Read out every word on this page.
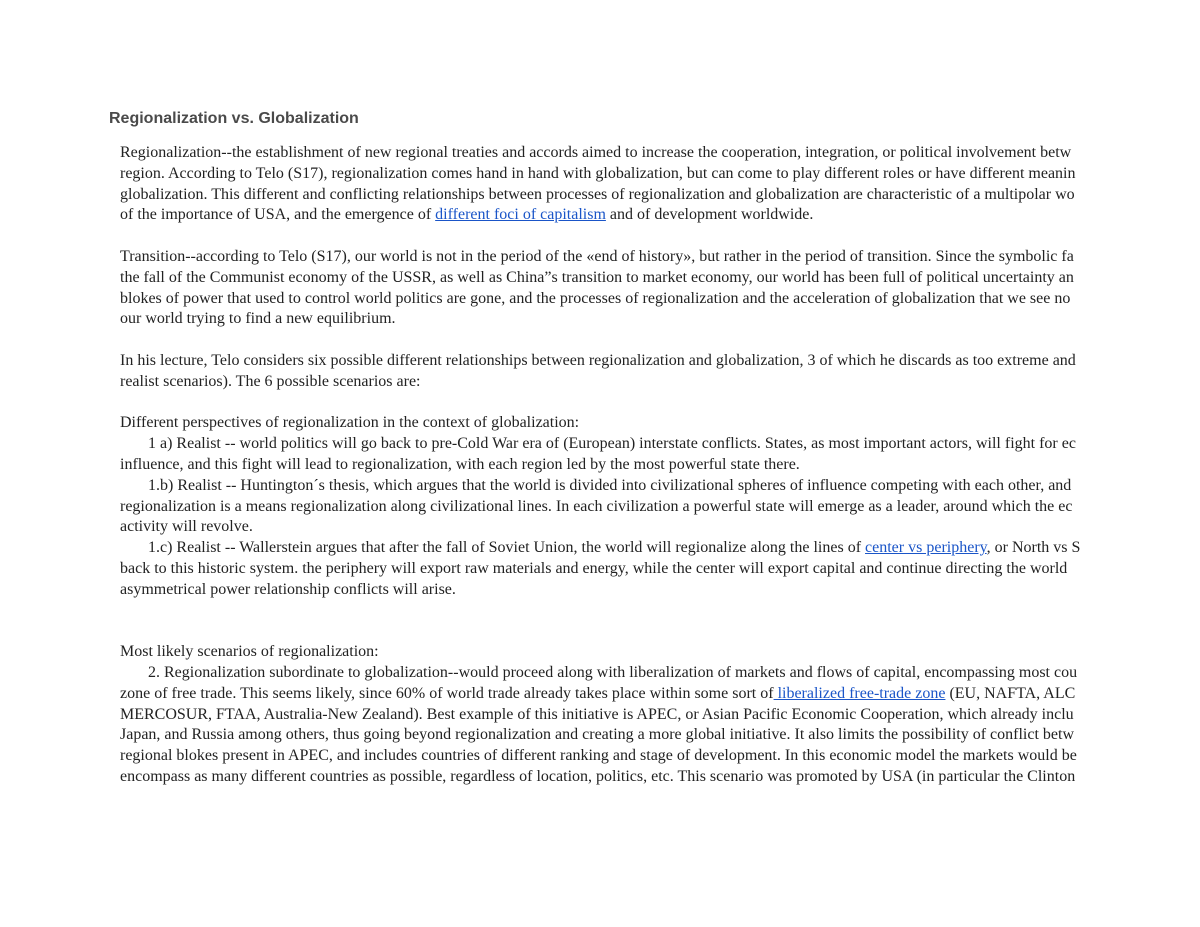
Regionalization vs. Globalization
Regionalization--the establishment of new regional treaties and accords aimed to increase the cooperation, integration, or political involvement betw
region. According to Telo (S17), regionalization comes hand in hand with globalization, but can come to play different roles or have different meanin
globalization. This different and conflicting relationships between processes of regionalization and globalization are characteristic of a multipolar wo
of the importance of USA, and the emergence of different foci of capitalism and of development worldwide.
Transition--according to Telo (S17), our world is not in the period of the «end of history», but rather in the period of transition. Since the symbolic fa
the fall of the Communist economy of the USSR, as well as China”s transition to market economy, our world has been full of political uncertainty an
blokes of power that used to control world politics are gone, and the processes of regionalization and the acceleration of globalization that we see no
our world trying to find a new equilibrium.
In his lecture, Telo considers six possible different relationships between regionalization and globalization, 3 of which he discards as too extreme and
realist scenarios). The 6 possible scenarios are:
Different perspectives of regionalization in the context of globalization:
1 a) Realist -- world politics will go back to pre-Cold War era of (European) interstate conflicts. States, as most important actors, will fight for ec
influence, and this fight will lead to regionalization, with each region led by the most powerful state there.
1.b) Realist -- Huntington´s thesis, which argues that the world is divided into civilizational spheres of influence competing with each other, and
regionalization is a means regionalization along civilizational lines. In each civilization a powerful state will emerge as a leader, around which the ec
activity will revolve.
1.c) Realist -- Wallerstein argues that after the fall of Soviet Union, the world will regionalize along the lines of center vs periphery, or North vs S
back to this historic system. the periphery will export raw materials and energy, while the center will export capital and continue directing the world
asymmetrical power relationship conflicts will arise.
Most likely scenarios of regionalization:
2. Regionalization subordinate to globalization--would proceed along with liberalization of markets and flows of capital, encompassing most cou
zone of free trade. This seems likely, since 60% of world trade already takes place within some sort of liberalized free-trade zone (EU, NAFTA, ALC
MERCOSUR, FTAA, Australia-New Zealand). Best example of this initiative is APEC, or Asian Pacific Economic Cooperation, which already inclu
Japan, and Russia among others, thus going beyond regionalization and creating a more global initiative. It also limits the possibility of conflict betw
regional blokes present in APEC, and includes countries of different ranking and stage of development. In this economic model the markets would be
encompass as many different countries as possible, regardless of location, politics, etc. This scenario was promoted by USA (in particular the Clinton
